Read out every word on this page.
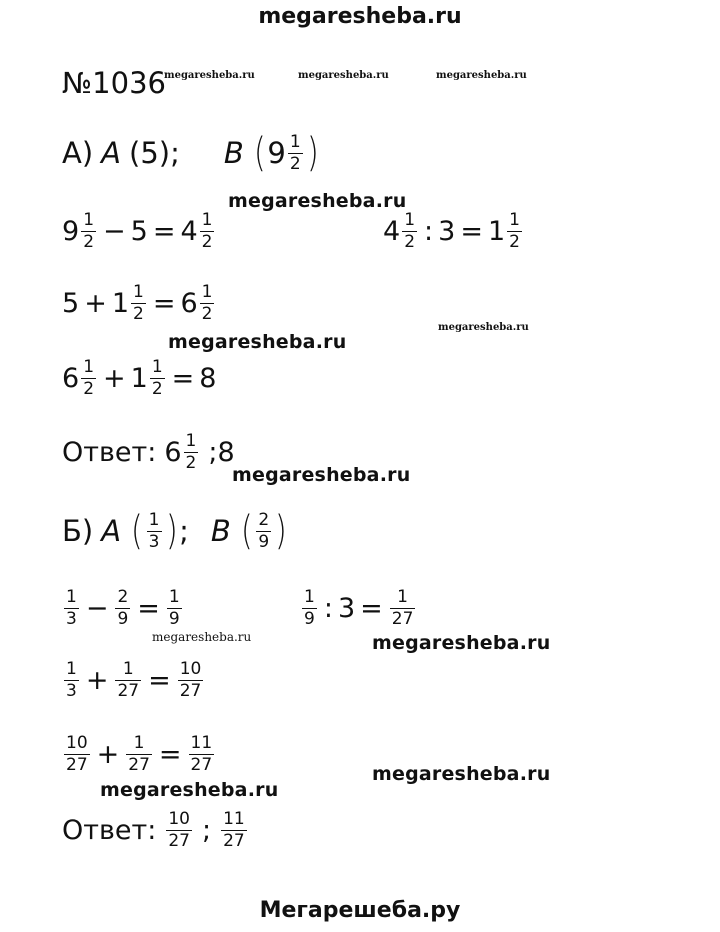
megaresheba.ru
Мегарешеба.ру
megaresheba.ru	megaresheba.ru	megaresheba.ru
megaresheba.ru
megaresheba.ru
megaresheba.ru
megaresheba.ru
megaresheba.ru	megaresheba.ru
megaresheba.ru
megaresheba.ru
№1036
А) A (5); B ( $9 \frac{1}{2}$ )
$9 \frac{1}{2} - 5 = 4 \frac{1}{2}$	$4 \frac{1}{2}$ : $3 = 1 \frac{1}{2}$
$5 + 1 \frac{1}{2} = 6 \frac{1}{2}$
$6 \frac{1}{2} + 1 \frac{1}{2} = 8$
Ответ: $6 \frac{1}{2}$ ; 8
Б) A ( $\frac{1}{3}$ ) ; B ( $\frac{2}{9}$ )
$\frac{1}{3} - \frac{2}{9} = \frac{1}{9}$	$\frac{1}{9}$ : $3 = \frac{1}{27}$
$\frac{1}{3} + \frac{1}{27} = \frac{10}{27}$
$\frac{10}{27} + \frac{1}{27} = \frac{11}{27}$
Ответ: $\frac{10}{27}$ ; $\frac{11}{27}$
